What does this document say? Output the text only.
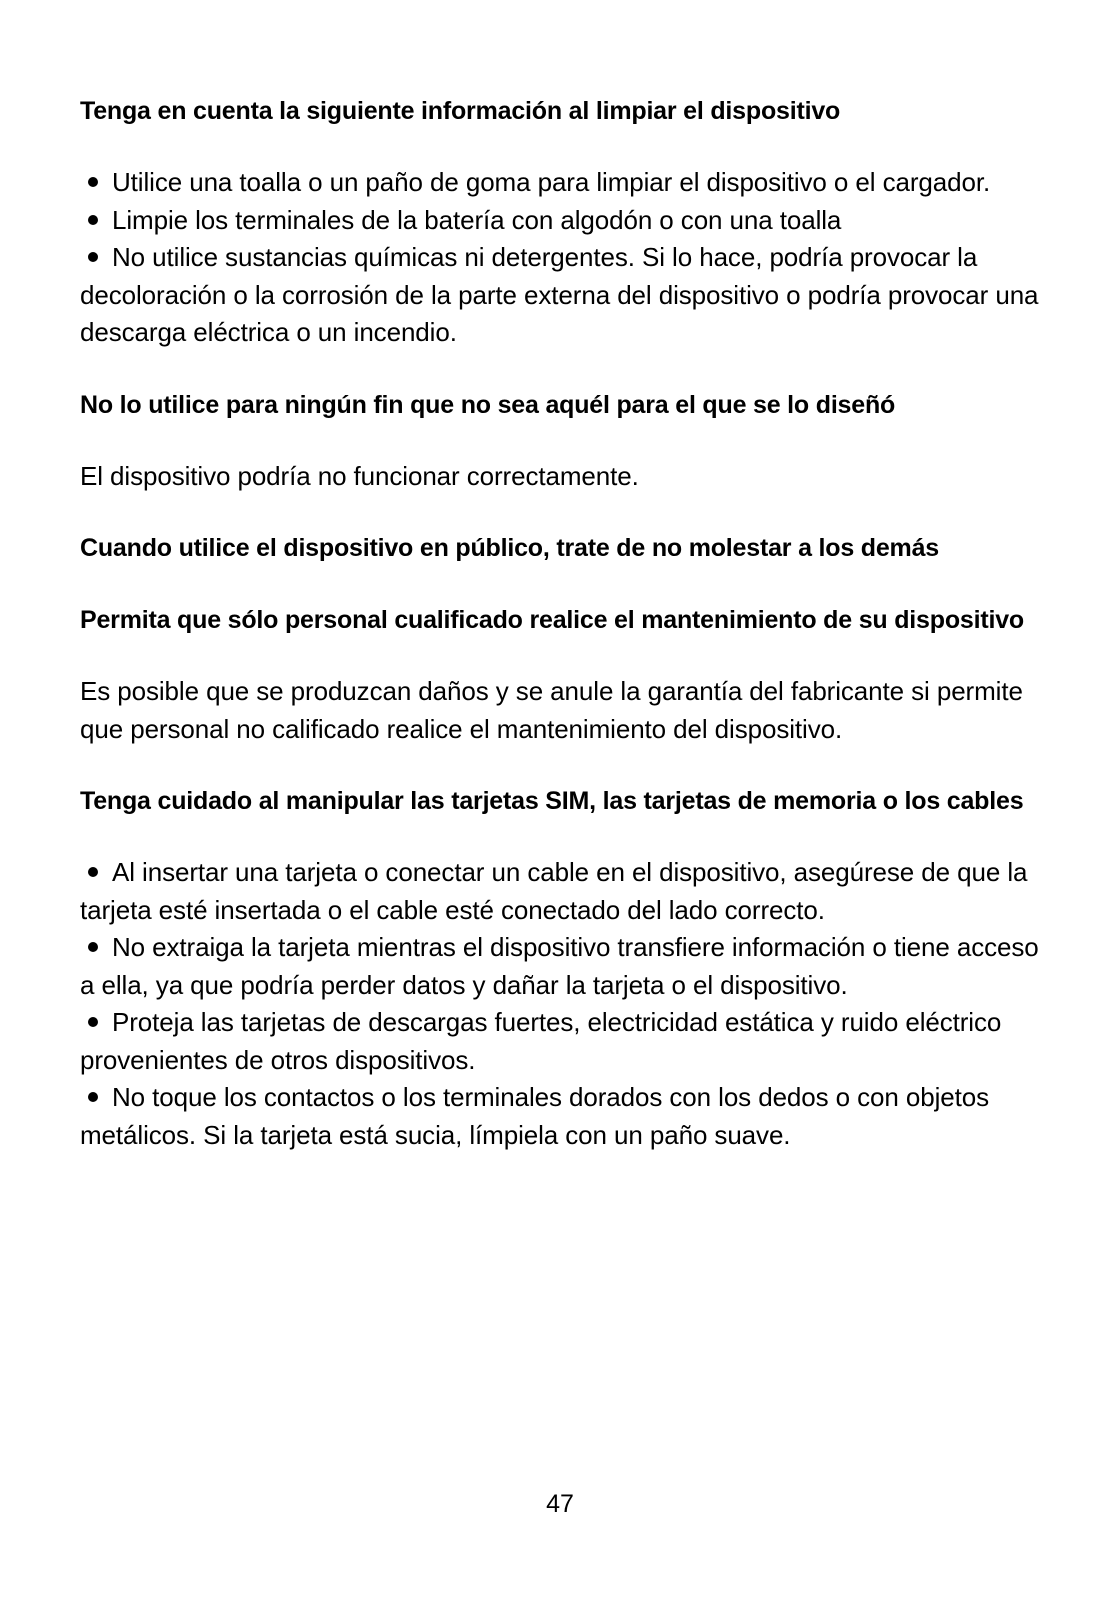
Tenga en cuenta la siguiente información al limpiar el dispositivo

Utilice una toalla o un paño de goma para limpiar el dispositivo o el cargador.

Limpie los terminales de la batería con algodón o con una toalla

No utilice sustancias químicas ni detergentes. Si lo hace, podría provocar la decoloración o la corrosión de la parte externa del dispositivo o podría provocar una descarga eléctrica o un incendio.

No lo utilice para ningún fin que no sea aquél para el que se lo diseñó

El dispositivo podría no funcionar correctamente.

Cuando utilice el dispositivo en público, trate de no molestar a los demás
Permita que sólo personal cualificado realice el mantenimiento de su dispositivo

Es posible que se produzcan daños y se anule la garantía del fabricante si permite que personal no calificado realice el mantenimiento del dispositivo.

Tenga cuidado al manipular las tarjetas SIM, las tarjetas de memoria o los cables

Al insertar una tarjeta o conectar un cable en el dispositivo, asegúrese de que la tarjeta esté insertada o el cable esté conectado del lado correcto.

No extraiga la tarjeta mientras el dispositivo transfiere información o tiene acceso a ella, ya que podría perder datos y dañar la tarjeta o el dispositivo.

Proteja las tarjetas de descargas fuertes, electricidad estática y ruido eléctrico provenientes de otros dispositivos.

No toque los contactos o los terminales dorados con los dedos o con objetos metálicos. Si la tarjeta está sucia, límpiela con un paño suave.

47
